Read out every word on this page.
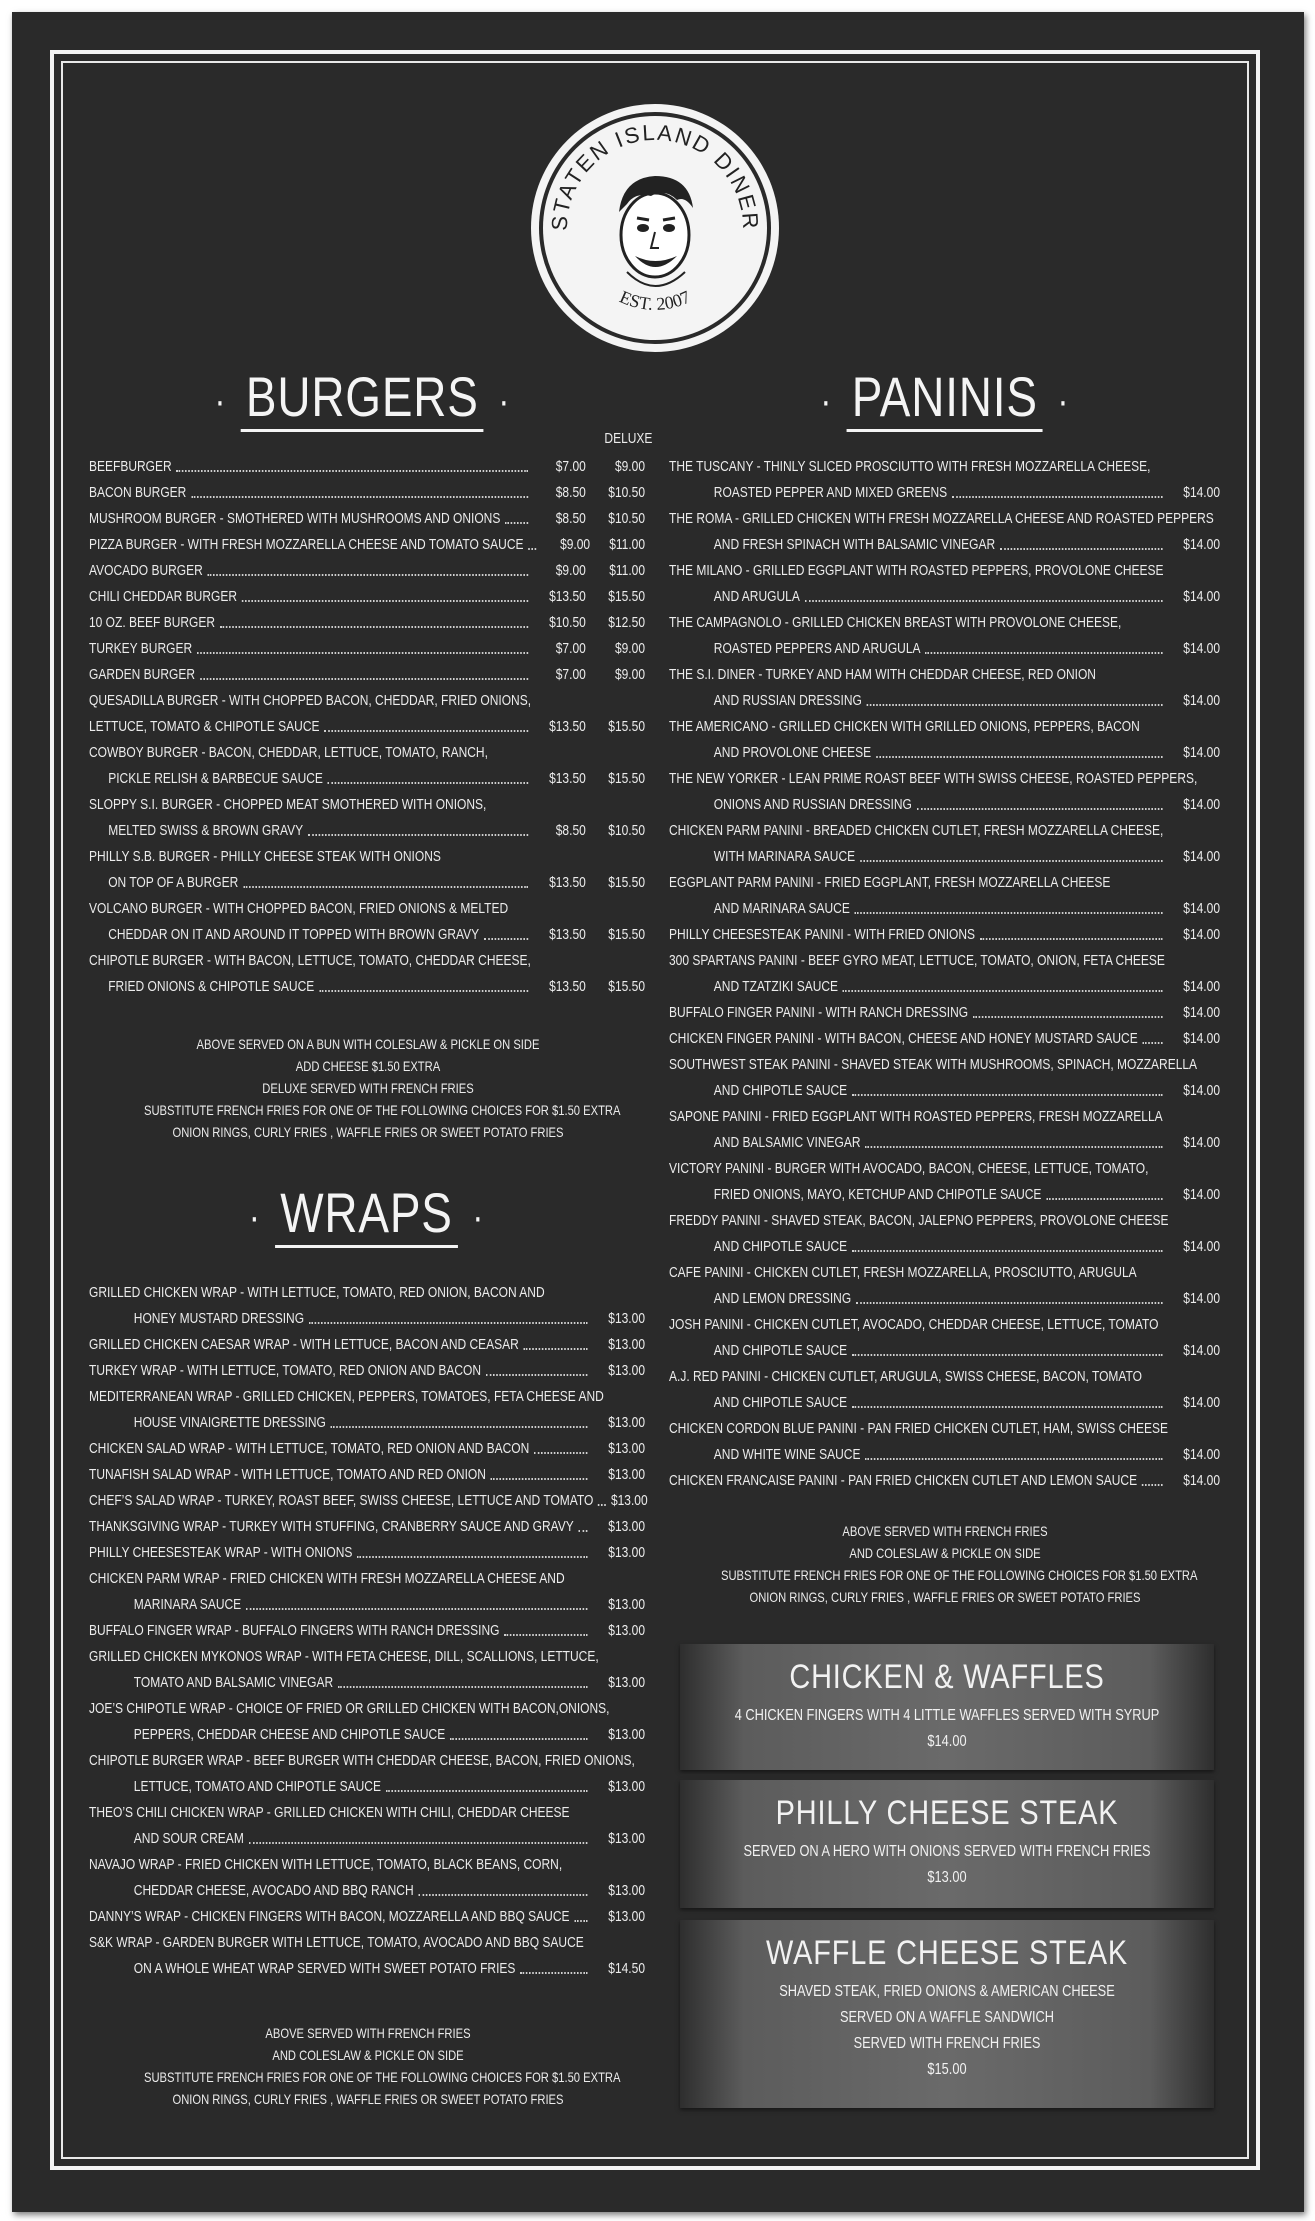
STATEN ISLAND DINER
EST. 2007
· BURGERS ·
DELUXE
BEEFBURGER	$7.00	$9.00
BACON BURGER	$8.50	$10.50
MUSHROOM BURGER - SMOTHERED WITH MUSHROOMS AND ONIONS	$8.50	$10.50
PIZZA BURGER - WITH FRESH MOZZARELLA CHEESE AND TOMATO SAUCE	$9.00	$11.00
AVOCADO BURGER	$9.00	$11.00
CHILI CHEDDAR BURGER	$13.50	$15.50
10 OZ. BEEF BURGER	$10.50	$12.50
TURKEY BURGER	$7.00	$9.00
GARDEN BURGER	$7.00	$9.00
QUESADILLA BURGER - WITH CHOPPED BACON, CHEDDAR, FRIED ONIONS,
LETTUCE, TOMATO & CHIPOTLE SAUCE	$13.50	$15.50
COWBOY BURGER - BACON, CHEDDAR, LETTUCE, TOMATO, RANCH,
PICKLE RELISH & BARBECUE SAUCE	$13.50	$15.50
SLOPPY S.I. BURGER - CHOPPED MEAT SMOTHERED WITH ONIONS,
MELTED SWISS & BROWN GRAVY	$8.50	$10.50
PHILLY S.B. BURGER - PHILLY CHEESE STEAK WITH ONIONS
ON TOP OF A BURGER	$13.50	$15.50
VOLCANO BURGER - WITH CHOPPED BACON, FRIED ONIONS & MELTED
CHEDDAR ON IT AND AROUND IT TOPPED WITH BROWN GRAVY	$13.50	$15.50
CHIPOTLE BURGER - WITH BACON, LETTUCE, TOMATO, CHEDDAR CHEESE,
FRIED ONIONS & CHIPOTLE SAUCE	$13.50	$15.50
ABOVE SERVED ON A BUN WITH COLESLAW & PICKLE ON SIDE
ADD CHEESE $1.50 EXTRA
DELUXE SERVED WITH FRENCH FRIES
SUBSTITUTE FRENCH FRIES FOR ONE OF THE FOLLOWING CHOICES FOR $1.50 EXTRA
ONION RINGS, CURLY FRIES , WAFFLE FRIES OR SWEET POTATO FRIES
· WRAPS ·
GRILLED CHICKEN WRAP - WITH LETTUCE, TOMATO, RED ONION, BACON AND
HONEY MUSTARD DRESSING	$13.00
GRILLED CHICKEN CAESAR WRAP - WITH LETTUCE, BACON AND CEASAR	$13.00
TURKEY WRAP - WITH LETTUCE, TOMATO, RED ONION AND BACON	$13.00
MEDITERRANEAN WRAP - GRILLED CHICKEN, PEPPERS, TOMATOES, FETA CHEESE AND
HOUSE VINAIGRETTE DRESSING	$13.00
CHICKEN SALAD WRAP - WITH LETTUCE, TOMATO, RED ONION AND BACON	$13.00
TUNAFISH SALAD WRAP - WITH LETTUCE, TOMATO AND RED ONION	$13.00
CHEF’S SALAD WRAP - TURKEY, ROAST BEEF, SWISS CHEESE, LETTUCE AND TOMATO $13.00
THANKSGIVING WRAP - TURKEY WITH STUFFING, CRANBERRY SAUCE AND GRAVY	$13.00
PHILLY CHEESESTEAK WRAP - WITH ONIONS	$13.00
CHICKEN PARM WRAP - FRIED CHICKEN WITH FRESH MOZZARELLA CHEESE AND
MARINARA SAUCE	$13.00
BUFFALO FINGER WRAP - BUFFALO FINGERS WITH RANCH DRESSING	$13.00
GRILLED CHICKEN MYKONOS WRAP - WITH FETA CHEESE, DILL, SCALLIONS, LETTUCE,
TOMATO AND BALSAMIC VINEGAR	$13.00
JOE’S CHIPOTLE WRAP - CHOICE OF FRIED OR GRILLED CHICKEN WITH BACON,ONIONS,
PEPPERS, CHEDDAR CHEESE AND CHIPOTLE SAUCE	$13.00
CHIPOTLE BURGER WRAP - BEEF BURGER WITH CHEDDAR CHEESE, BACON, FRIED ONIONS,
LETTUCE, TOMATO AND CHIPOTLE SAUCE	$13.00
THEO’S CHILI CHICKEN WRAP - GRILLED CHICKEN WITH CHILI, CHEDDAR CHEESE
AND SOUR CREAM	$13.00
NAVAJO WRAP - FRIED CHICKEN WITH LETTUCE, TOMATO, BLACK BEANS, CORN,
CHEDDAR CHEESE, AVOCADO AND BBQ RANCH	$13.00
DANNY’S WRAP - CHICKEN FINGERS WITH BACON, MOZZARELLA AND BBQ SAUCE	$13.00
S&K WRAP - GARDEN BURGER WITH LETTUCE, TOMATO, AVOCADO AND BBQ SAUCE
ON A WHOLE WHEAT WRAP SERVED WITH SWEET POTATO FRIES	$14.50
ABOVE SERVED WITH FRENCH FRIES
AND COLESLAW & PICKLE ON SIDE
SUBSTITUTE FRENCH FRIES FOR ONE OF THE FOLLOWING CHOICES FOR $1.50 EXTRA
ONION RINGS, CURLY FRIES , WAFFLE FRIES OR SWEET POTATO FRIES
· PANINIS ·
THE TUSCANY - THINLY SLICED PROSCIUTTO WITH FRESH MOZZARELLA CHEESE,
ROASTED PEPPER AND MIXED GREENS	$14.00
THE ROMA - GRILLED CHICKEN WITH FRESH MOZZARELLA CHEESE AND ROASTED PEPPERS
AND FRESH SPINACH WITH BALSAMIC VINEGAR	$14.00
THE MILANO - GRILLED EGGPLANT WITH ROASTED PEPPERS, PROVOLONE CHEESE
AND ARUGULA	$14.00
THE CAMPAGNOLO - GRILLED CHICKEN BREAST WITH PROVOLONE CHEESE,
ROASTED PEPPERS AND ARUGULA	$14.00
THE S.I. DINER - TURKEY AND HAM WITH CHEDDAR CHEESE, RED ONION
AND RUSSIAN DRESSING	$14.00
THE AMERICANO - GRILLED CHICKEN WITH GRILLED ONIONS, PEPPERS, BACON
AND PROVOLONE CHEESE	$14.00
THE NEW YORKER - LEAN PRIME ROAST BEEF WITH SWISS CHEESE, ROASTED PEPPERS,
ONIONS AND RUSSIAN DRESSING	$14.00
CHICKEN PARM PANINI - BREADED CHICKEN CUTLET, FRESH MOZZARELLA CHEESE,
WITH MARINARA SAUCE	$14.00
EGGPLANT PARM PANINI - FRIED EGGPLANT, FRESH MOZZARELLA CHEESE
AND MARINARA SAUCE	$14.00
PHILLY CHEESESTEAK PANINI - WITH FRIED ONIONS	$14.00
300 SPARTANS PANINI - BEEF GYRO MEAT, LETTUCE, TOMATO, ONION, FETA CHEESE
AND TZATZIKI SAUCE	$14.00
BUFFALO FINGER PANINI - WITH RANCH DRESSING	$14.00
CHICKEN FINGER PANINI - WITH BACON, CHEESE AND HONEY MUSTARD SAUCE	$14.00
SOUTHWEST STEAK PANINI - SHAVED STEAK WITH MUSHROOMS, SPINACH, MOZZARELLA
AND CHIPOTLE SAUCE	$14.00
SAPONE PANINI - FRIED EGGPLANT WITH ROASTED PEPPERS, FRESH MOZZARELLA
AND BALSAMIC VINEGAR	$14.00
VICTORY PANINI - BURGER WITH AVOCADO, BACON, CHEESE, LETTUCE, TOMATO,
FRIED ONIONS, MAYO, KETCHUP AND CHIPOTLE SAUCE	$14.00
FREDDY PANINI - SHAVED STEAK, BACON, JALEPNO PEPPERS, PROVOLONE CHEESE
AND CHIPOTLE SAUCE	$14.00
CAFE PANINI - CHICKEN CUTLET, FRESH MOZZARELLA, PROSCIUTTO, ARUGULA
AND LEMON DRESSING	$14.00
JOSH PANINI - CHICKEN CUTLET, AVOCADO, CHEDDAR CHEESE, LETTUCE, TOMATO
AND CHIPOTLE SAUCE	$14.00
A.J. RED PANINI - CHICKEN CUTLET, ARUGULA, SWISS CHEESE, BACON, TOMATO
AND CHIPOTLE SAUCE	$14.00
CHICKEN CORDON BLUE PANINI - PAN FRIED CHICKEN CUTLET, HAM, SWISS CHEESE
AND WHITE WINE SAUCE	$14.00
CHICKEN FRANCAISE PANINI - PAN FRIED CHICKEN CUTLET AND LEMON SAUCE	$14.00
ABOVE SERVED WITH FRENCH FRIES
AND COLESLAW & PICKLE ON SIDE
SUBSTITUTE FRENCH FRIES FOR ONE OF THE FOLLOWING CHOICES FOR $1.50 EXTRA
ONION RINGS, CURLY FRIES , WAFFLE FRIES OR SWEET POTATO FRIES
CHICKEN & WAFFLES
4 CHICKEN FINGERS WITH 4 LITTLE WAFFLES SERVED WITH SYRUP
$14.00
PHILLY CHEESE STEAK
SERVED ON A HERO WITH ONIONS SERVED WITH FRENCH FRIES
$13.00
WAFFLE CHEESE STEAK
SHAVED STEAK, FRIED ONIONS & AMERICAN CHEESE
SERVED ON A WAFFLE SANDWICH
SERVED WITH FRENCH FRIES
$15.00
